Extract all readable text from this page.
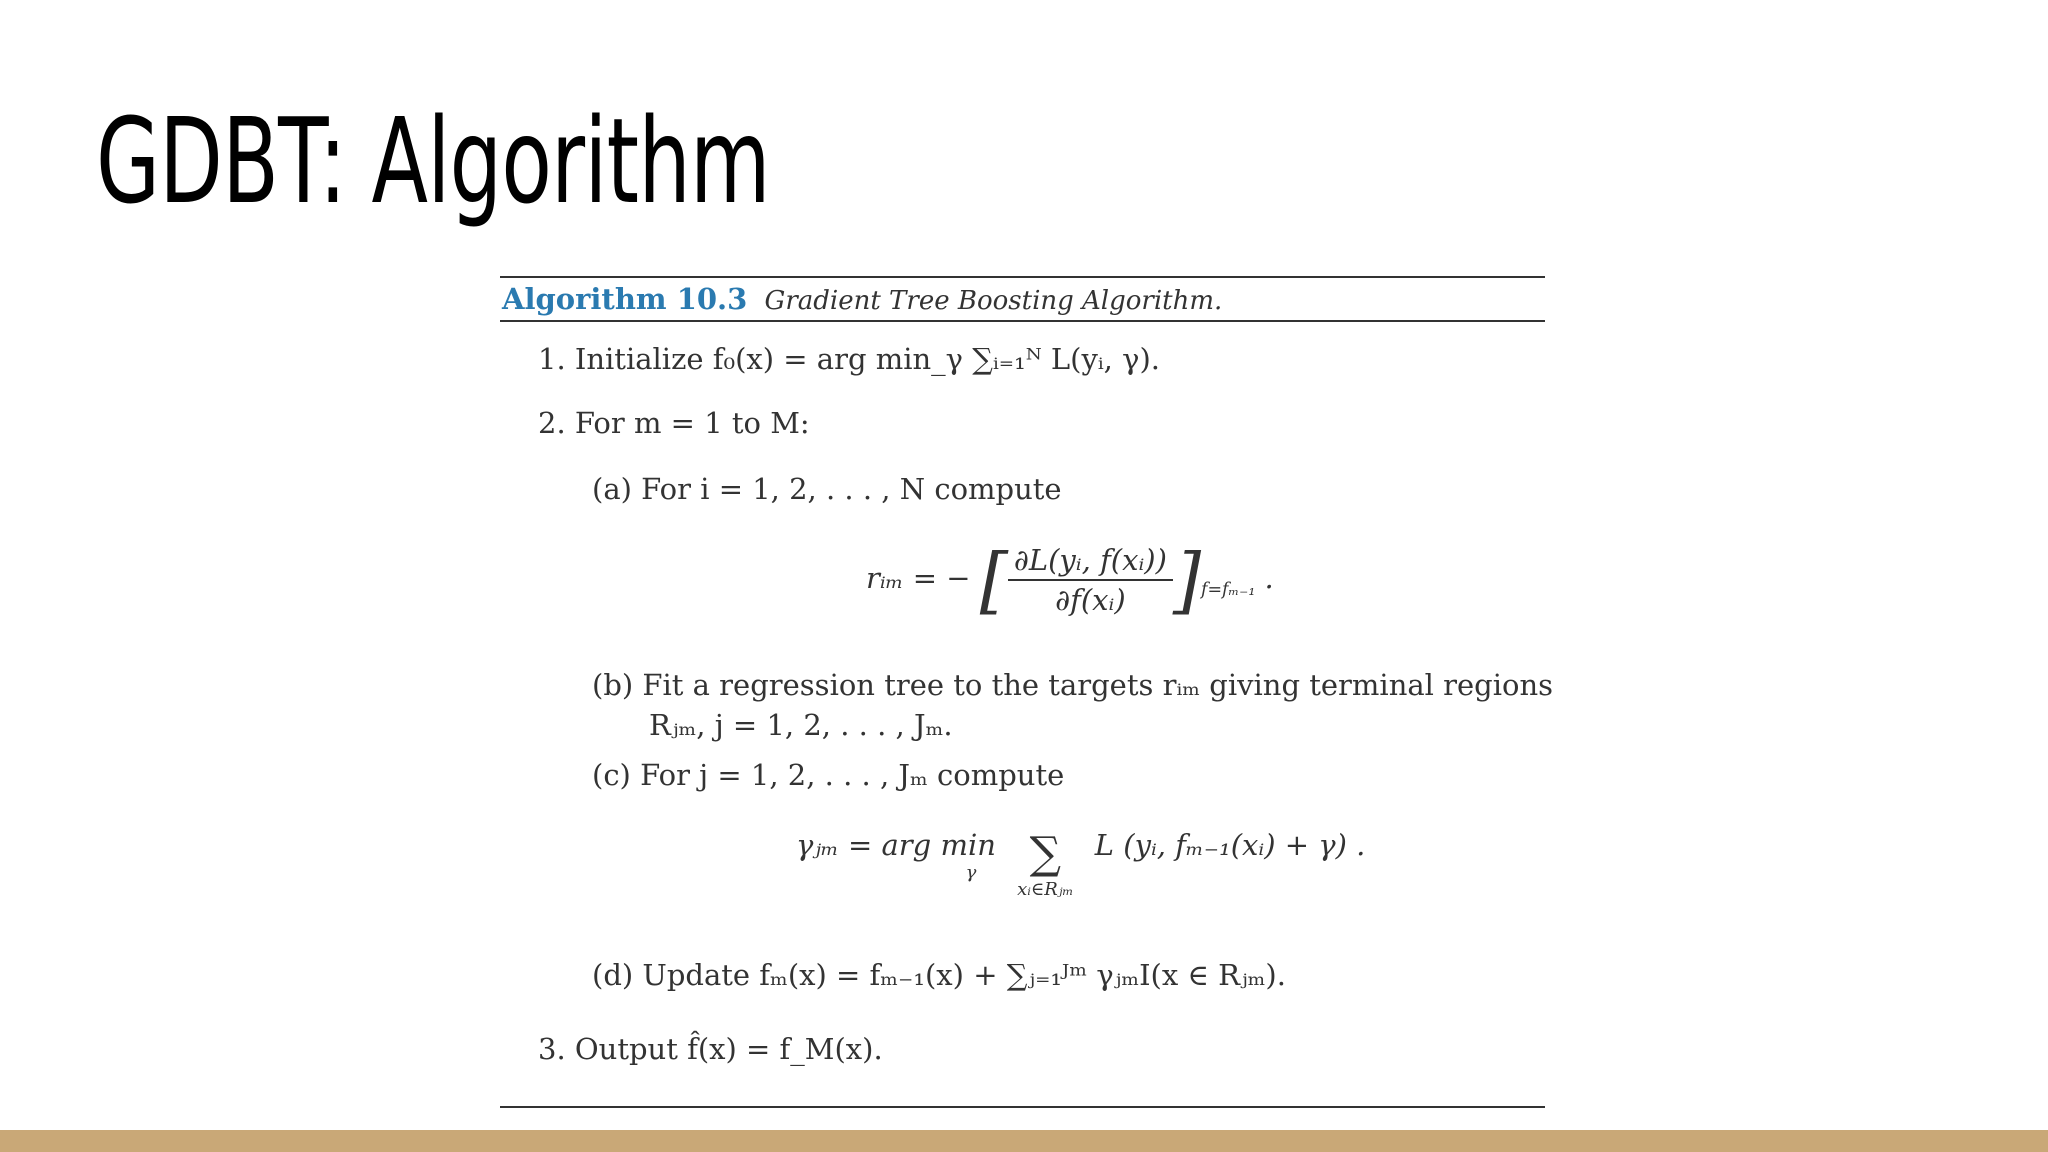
GDBT: Algorithm
Algorithm 10.3 Gradient Tree Boosting Algorithm.
1. Initialize f₀(x) = arg min_γ ∑ᵢ₌₁ᴺ L(yᵢ, γ).
2. For m = 1 to M:
(a) For i = 1, 2, . . . , N compute
rᵢₘ = − [ $\frac{\text{∂L(yᵢ, f(xᵢ))}}{\text{∂f(xᵢ)}} ]_{f=f_{m-1}}$ .
(b) Fit a regression tree to the targets rᵢₘ giving terminal regions
Rⱼₘ, j = 1, 2, . . . , Jₘ.
(c) For j = 1, 2, . . . , Jₘ compute
γⱼₘ = arg min
γ
	∑
xᵢ∈Rⱼₘ
L (yᵢ, fₘ₋₁(xᵢ) + γ) .
(d) Update fₘ(x) = fₘ₋₁(x) + ∑ⱼ₌₁ᴶᵐ γⱼₘI(x ∈ Rⱼₘ).
3. Output f̂(x) = f_M(x).
